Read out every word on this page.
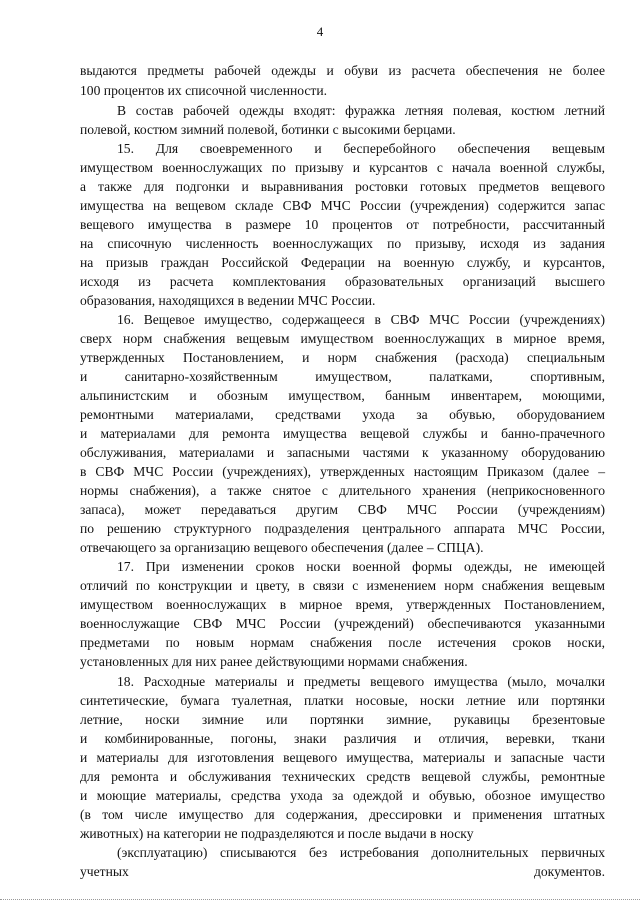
4
выдаются предметы рабочей одежды и обуви из расчета обеспечения не более
100 процентов их списочной численности.
В состав рабочей одежды входят: фуражка летняя полевая, костюм летний
полевой, костюм зимний полевой, ботинки с высокими берцами.
15. Для своевременного и бесперебойного обеспечения вещевым
имуществом военнослужащих по призыву и курсантов с начала военной службы,
а также для подгонки и выравнивания ростовки готовых предметов вещевого
имущества на вещевом складе СВФ МЧС России (учреждения) содержится запас
вещевого имущества в размере 10 процентов от потребности, рассчитанный
на списочную численность военнослужащих по призыву, исходя из задания
на призыв граждан Российской Федерации на военную службу, и курсантов,
исходя из расчета комплектования образовательных организаций высшего
образования, находящихся в ведении МЧС России.
16. Вещевое имущество, содержащееся в СВФ МЧС России (учреждениях)
сверх норм снабжения вещевым имуществом военнослужащих в мирное время,
утвержденных Постановлением, и норм снабжения (расхода) специальным
и санитарно-хозяйственным имуществом, палатками, спортивным,
альпинистским и обозным имуществом, банным инвентарем, моющими,
ремонтными материалами, средствами ухода за обувью, оборудованием
и материалами для ремонта имущества вещевой службы и банно-прачечного
обслуживания, материалами и запасными частями к указанному оборудованию
в СВФ МЧС России (учреждениях), утвержденных настоящим Приказом (далее –
нормы снабжения), а также снятое с длительного хранения (неприкосновенного
запаса), может передаваться другим СВФ МЧС России (учреждениям)
по решению структурного подразделения центрального аппарата МЧС России,
отвечающего за организацию вещевого обеспечения (далее – СПЦА).
17. При изменении сроков носки военной формы одежды, не имеющей
отличий по конструкции и цвету, в связи с изменением норм снабжения вещевым
имуществом военнослужащих в мирное время, утвержденных Постановлением,
военнослужащие СВФ МЧС России (учреждений) обеспечиваются указанными
предметами по новым нормам снабжения после истечения сроков носки,
установленных для них ранее действующими нормами снабжения.
18. Расходные материалы и предметы вещевого имущества (мыло, мочалки
синтетические, бумага туалетная, платки носовые, носки летние или портянки
летние, носки зимние или портянки зимние, рукавицы брезентовые
и комбинированные, погоны, знаки различия и отличия, веревки, ткани
и материалы для изготовления вещевого имущества, материалы и запасные части
для ремонта и обслуживания технических средств вещевой службы, ремонтные
и моющие материалы, средства ухода за одеждой и обувью, обозное имущество
(в том числе имущество для содержания, дрессировки и применения штатных
животных) на категории не подразделяются и после выдачи в носку
(эксплуатацию) списываются без истребования дополнительных первичных
учетных документов.
